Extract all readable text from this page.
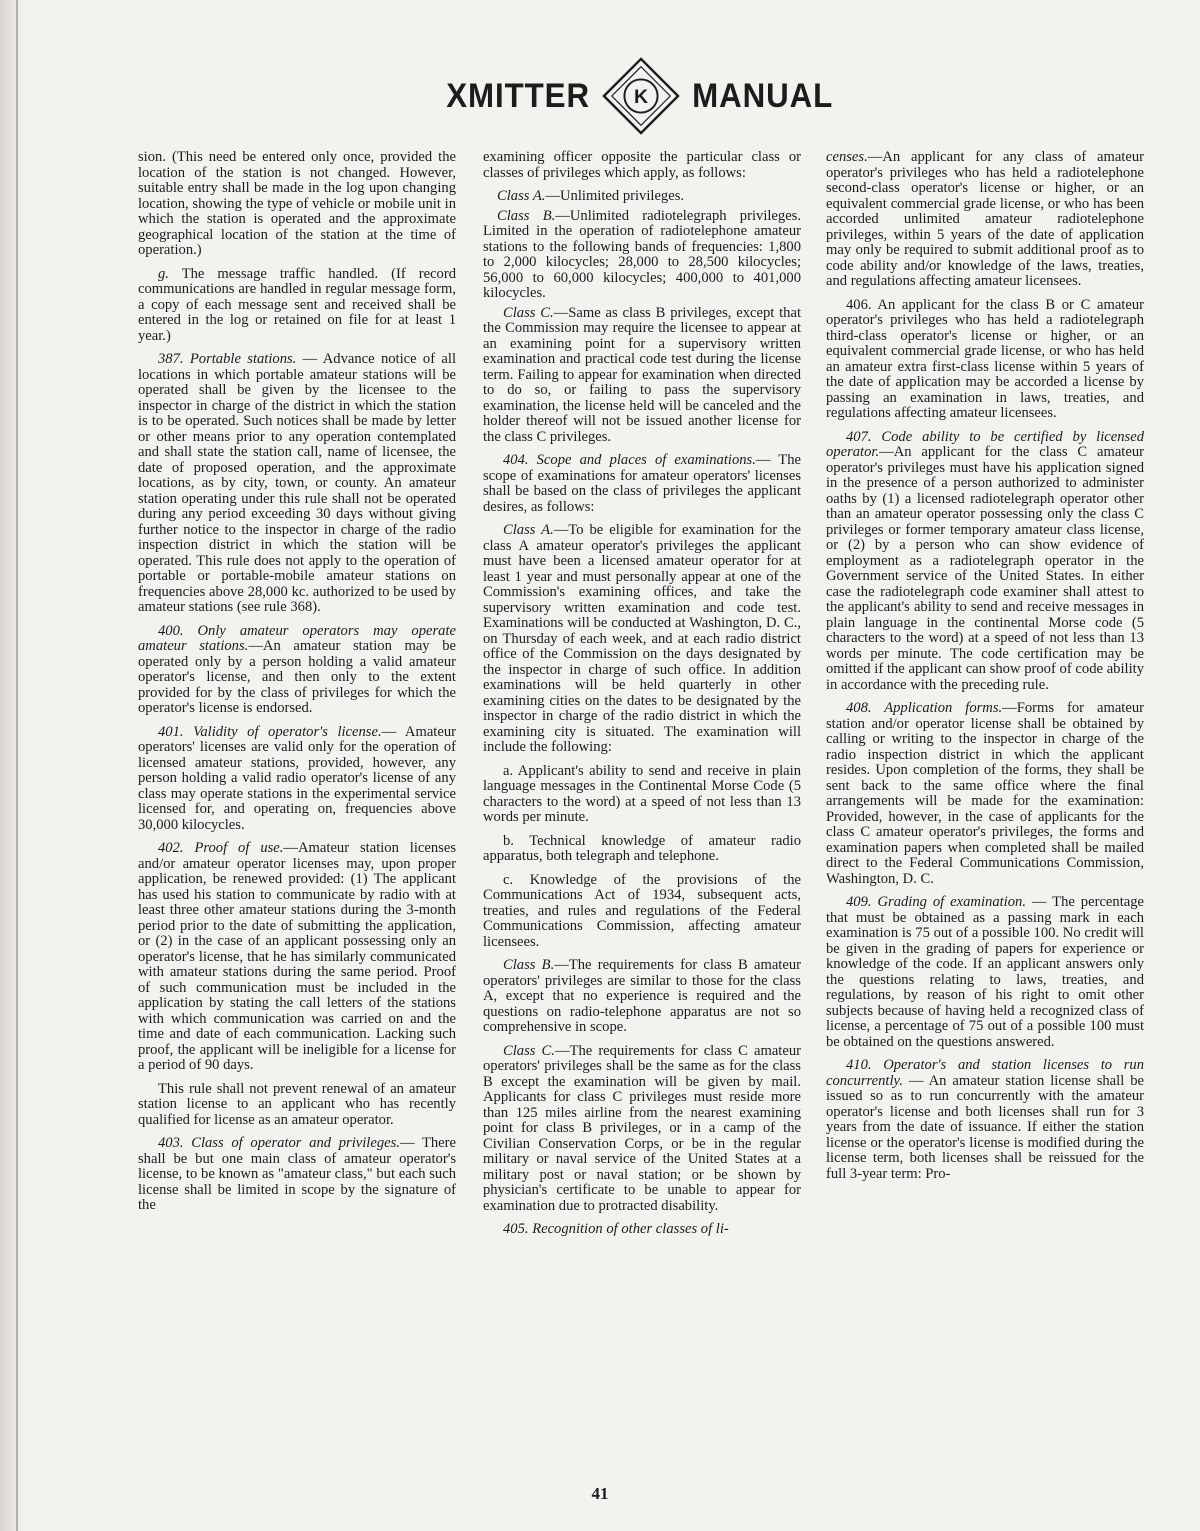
XMITTER K MANUAL

sion. (This need be entered only once, provided the location of the station is not changed. However, suitable entry shall be made in the log upon changing location, showing the type of vehicle or mobile unit in which the station is operated and the approximate geographical location of the station at the time of operation.)

g. The message traffic handled. (If record communications are handled in regular message form, a copy of each message sent and received shall be entered in the log or retained on file for at least 1 year.)

387. Portable stations. — Advance notice of all locations in which portable amateur stations will be operated shall be given by the licensee to the inspector in charge of the district in which the station is to be operated. Such notices shall be made by letter or other means prior to any operation contemplated and shall state the station call, name of licensee, the date of proposed operation, and the approximate locations, as by city, town, or county. An amateur station operating under this rule shall not be operated during any period exceeding 30 days without giving further notice to the inspector in charge of the radio inspection district in which the station will be operated. This rule does not apply to the operation of portable or portable-mobile amateur stations on frequencies above 28,000 kc. authorized to be used by amateur stations (see rule 368).

400. Only amateur operators may operate amateur stations.—An amateur station may be operated only by a person holding a valid amateur operator's license, and then only to the extent provided for by the class of privileges for which the operator's license is endorsed.

401. Validity of operator's license.— Amateur operators' licenses are valid only for the operation of licensed amateur stations, provided, however, any person holding a valid radio operator's license of any class may operate stations in the experimental service licensed for, and operating on, frequencies above 30,000 kilocycles.

402. Proof of use.—Amateur station licenses and/or amateur operator licenses may, upon proper application, be renewed provided: (1) The applicant has used his station to communicate by radio with at least three other amateur stations during the 3-month period prior to the date of submitting the application, or (2) in the case of an applicant possessing only an operator's license, that he has similarly communicated with amateur stations during the same period. Proof of such communication must be included in the application by stating the call letters of the stations with which communication was carried on and the time and date of each communication. Lacking such proof, the applicant will be ineligible for a license for a period of 90 days.

This rule shall not prevent renewal of an amateur station license to an applicant who has recently qualified for license as an amateur operator.

403. Class of operator and privileges.— There shall be but one main class of amateur operator's license, to be known as "amateur class," but each such license shall be limited in scope by the signature of the

examining officer opposite the particular class or classes of privileges which apply, as follows:

Class A.—Unlimited privileges.

Class B.—Unlimited radiotelegraph privileges. Limited in the operation of radiotelephone amateur stations to the following bands of frequencies: 1,800 to 2,000 kilocycles; 28,000 to 28,500 kilocycles; 56,000 to 60,000 kilocycles; 400,000 to 401,000 kilocycles.

Class C.—Same as class B privileges, except that the Commission may require the licensee to appear at an examining point for a supervisory written examination and practical code test during the license term. Failing to appear for examination when directed to do so, or failing to pass the supervisory examination, the license held will be canceled and the holder thereof will not be issued another license for the class C privileges.

404. Scope and places of examinations.— The scope of examinations for amateur operators' licenses shall be based on the class of privileges the applicant desires, as follows:

Class A.—To be eligible for examination for the class A amateur operator's privileges the applicant must have been a licensed amateur operator for at least 1 year and must personally appear at one of the Commission's examining offices, and take the supervisory written examination and code test. Examinations will be conducted at Washington, D. C., on Thursday of each week, and at each radio district office of the Commission on the days designated by the inspector in charge of such office. In addition examinations will be held quarterly in other examining cities on the dates to be designated by the inspector in charge of the radio district in which the examining city is situated. The examination will include the following:

a. Applicant's ability to send and receive in plain language messages in the Continental Morse Code (5 characters to the word) at a speed of not less than 13 words per minute.

b. Technical knowledge of amateur radio apparatus, both telegraph and telephone.

c. Knowledge of the provisions of the Communications Act of 1934, subsequent acts, treaties, and rules and regulations of the Federal Communications Commission, affecting amateur licensees.

Class B.—The requirements for class B amateur operators' privileges are similar to those for the class A, except that no experience is required and the questions on radio-telephone apparatus are not so comprehensive in scope.

Class C.—The requirements for class C amateur operators' privileges shall be the same as for the class B except the examination will be given by mail. Applicants for class C privileges must reside more than 125 miles airline from the nearest examining point for class B privileges, or in a camp of the Civilian Conservation Corps, or be in the regular military or naval service of the United States at a military post or naval station; or be shown by physician's certificate to be unable to appear for examination due to protracted disability.

405. Recognition of other classes of li-

censes.—An applicant for any class of amateur operator's privileges who has held a radiotelephone second-class operator's license or higher, or an equivalent commercial grade license, or who has been accorded unlimited amateur radiotelephone privileges, within 5 years of the date of application may only be required to submit additional proof as to code ability and/or knowledge of the laws, treaties, and regulations affecting amateur licensees.

406. An applicant for the class B or C amateur operator's privileges who has held a radiotelegraph third-class operator's license or higher, or an equivalent commercial grade license, or who has held an amateur extra first-class license within 5 years of the date of application may be accorded a license by passing an examination in laws, treaties, and regulations affecting amateur licensees.

407. Code ability to be certified by licensed operator.—An applicant for the class C amateur operator's privileges must have his application signed in the presence of a person authorized to administer oaths by (1) a licensed radiotelegraph operator other than an amateur operator possessing only the class C privileges or former temporary amateur class license, or (2) by a person who can show evidence of employment as a radiotelegraph operator in the Government service of the United States. In either case the radiotelegraph code examiner shall attest to the applicant's ability to send and receive messages in plain language in the continental Morse code (5 characters to the word) at a speed of not less than 13 words per minute. The code certification may be omitted if the applicant can show proof of code ability in accordance with the preceding rule.

408. Application forms.—Forms for amateur station and/or operator license shall be obtained by calling or writing to the inspector in charge of the radio inspection district in which the applicant resides. Upon completion of the forms, they shall be sent back to the same office where the final arrangements will be made for the examination: Provided, however, in the case of applicants for the class C amateur operator's privileges, the forms and examination papers when completed shall be mailed direct to the Federal Communications Commission, Washington, D. C.

409. Grading of examination. — The percentage that must be obtained as a passing mark in each examination is 75 out of a possible 100. No credit will be given in the grading of papers for experience or knowledge of the code. If an applicant answers only the questions relating to laws, treaties, and regulations, by reason of his right to omit other subjects because of having held a recognized class of license, a percentage of 75 out of a possible 100 must be obtained on the questions answered.

410. Operator's and station licenses to run concurrently. — An amateur station license shall be issued so as to run concurrently with the amateur operator's license and both licenses shall run for 3 years from the date of issuance. If either the station license or the operator's license is modified during the license term, both licenses shall be reissued for the full 3-year term: Pro-

41
